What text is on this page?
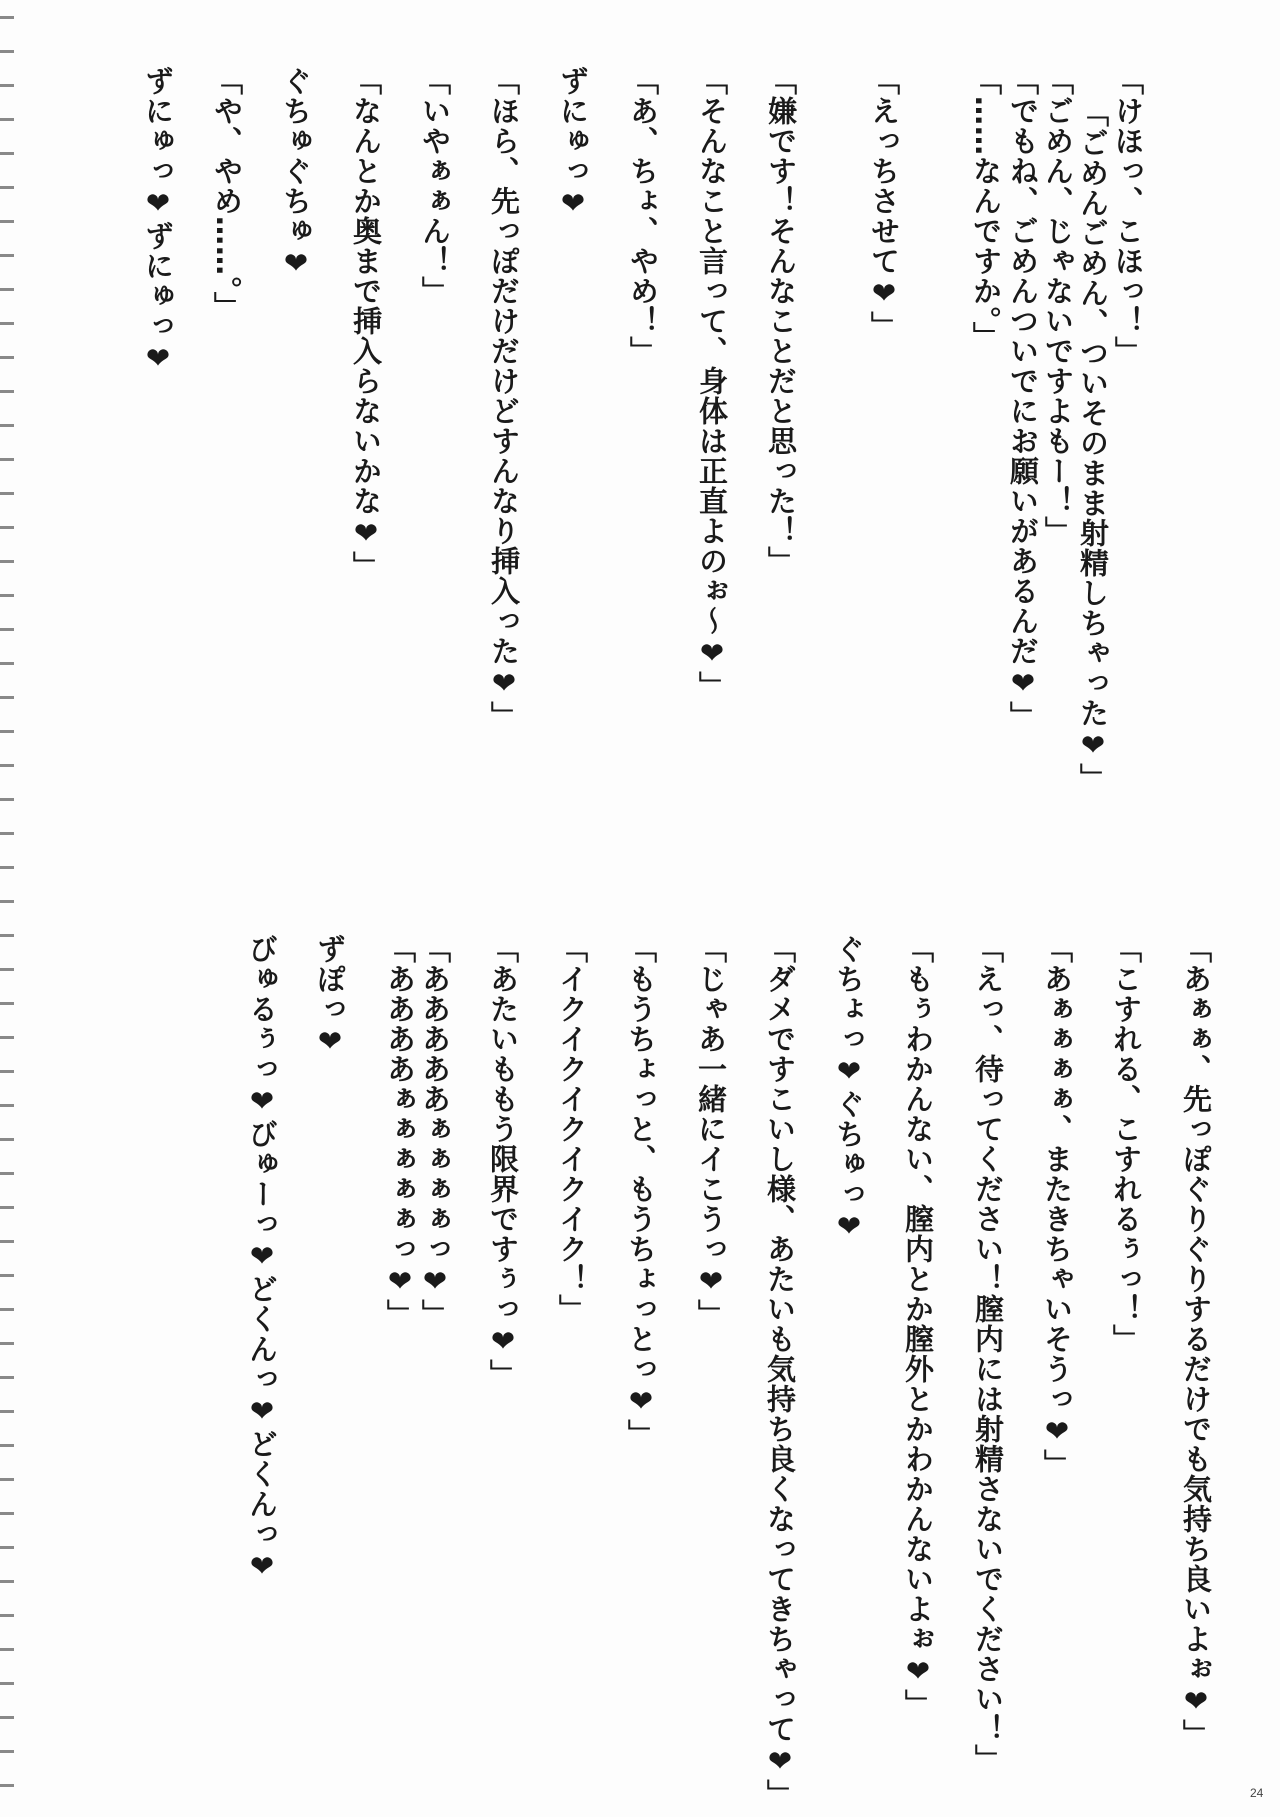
「けほっ、こほっ！」
「ごめんごめん、ついそのまま射精しちゃった❤」
「ごめん、じゃないですよもー！」
「でもね、ごめんついでにお願いがあるんだ❤」
「……なんですか。」
「えっちさせて❤」
「嫌です！そんなことだと思った！」
「そんなこと言って、身体は正直よのぉ～❤」
「あ、ちょ、やめ！」
ずにゅっ❤
「ほら、先っぽだけだけどすんなり挿入った❤」
「いやぁぁん！」
「なんとか奥まで挿入らないかな❤」
ぐちゅぐちゅ❤
「や、やめ……。」
ずにゅっ❤ずにゅっ❤
「あぁぁ、先っぽぐりぐりするだけでも気持ち良いよぉ❤」
「こすれる、こすれるぅっ！」
「あぁぁぁぁ、またきちゃいそうっ❤」
「えっ、待ってください！膣内には射精さないでください！」
「もぅわかんない、膣内とか膣外とかわかんないよぉ❤」
ぐちょっ❤ぐちゅっ❤
「ダメですこいし様、あたいも気持ち良くなってきちゃって❤」
「じゃあ一緒にイこうっ❤」
「もうちょっと、もうちょっとっ❤」
「イクイクイクイクイク！」
「あたいももう限界ですぅっ❤」
「あああああぁぁぁぁっ❤」
「ああああぁぁぁぁぁっ❤」
ずぽっ❤
びゅるぅっ❤びゅーっ❤どくんっ❤どくんっ❤
24
